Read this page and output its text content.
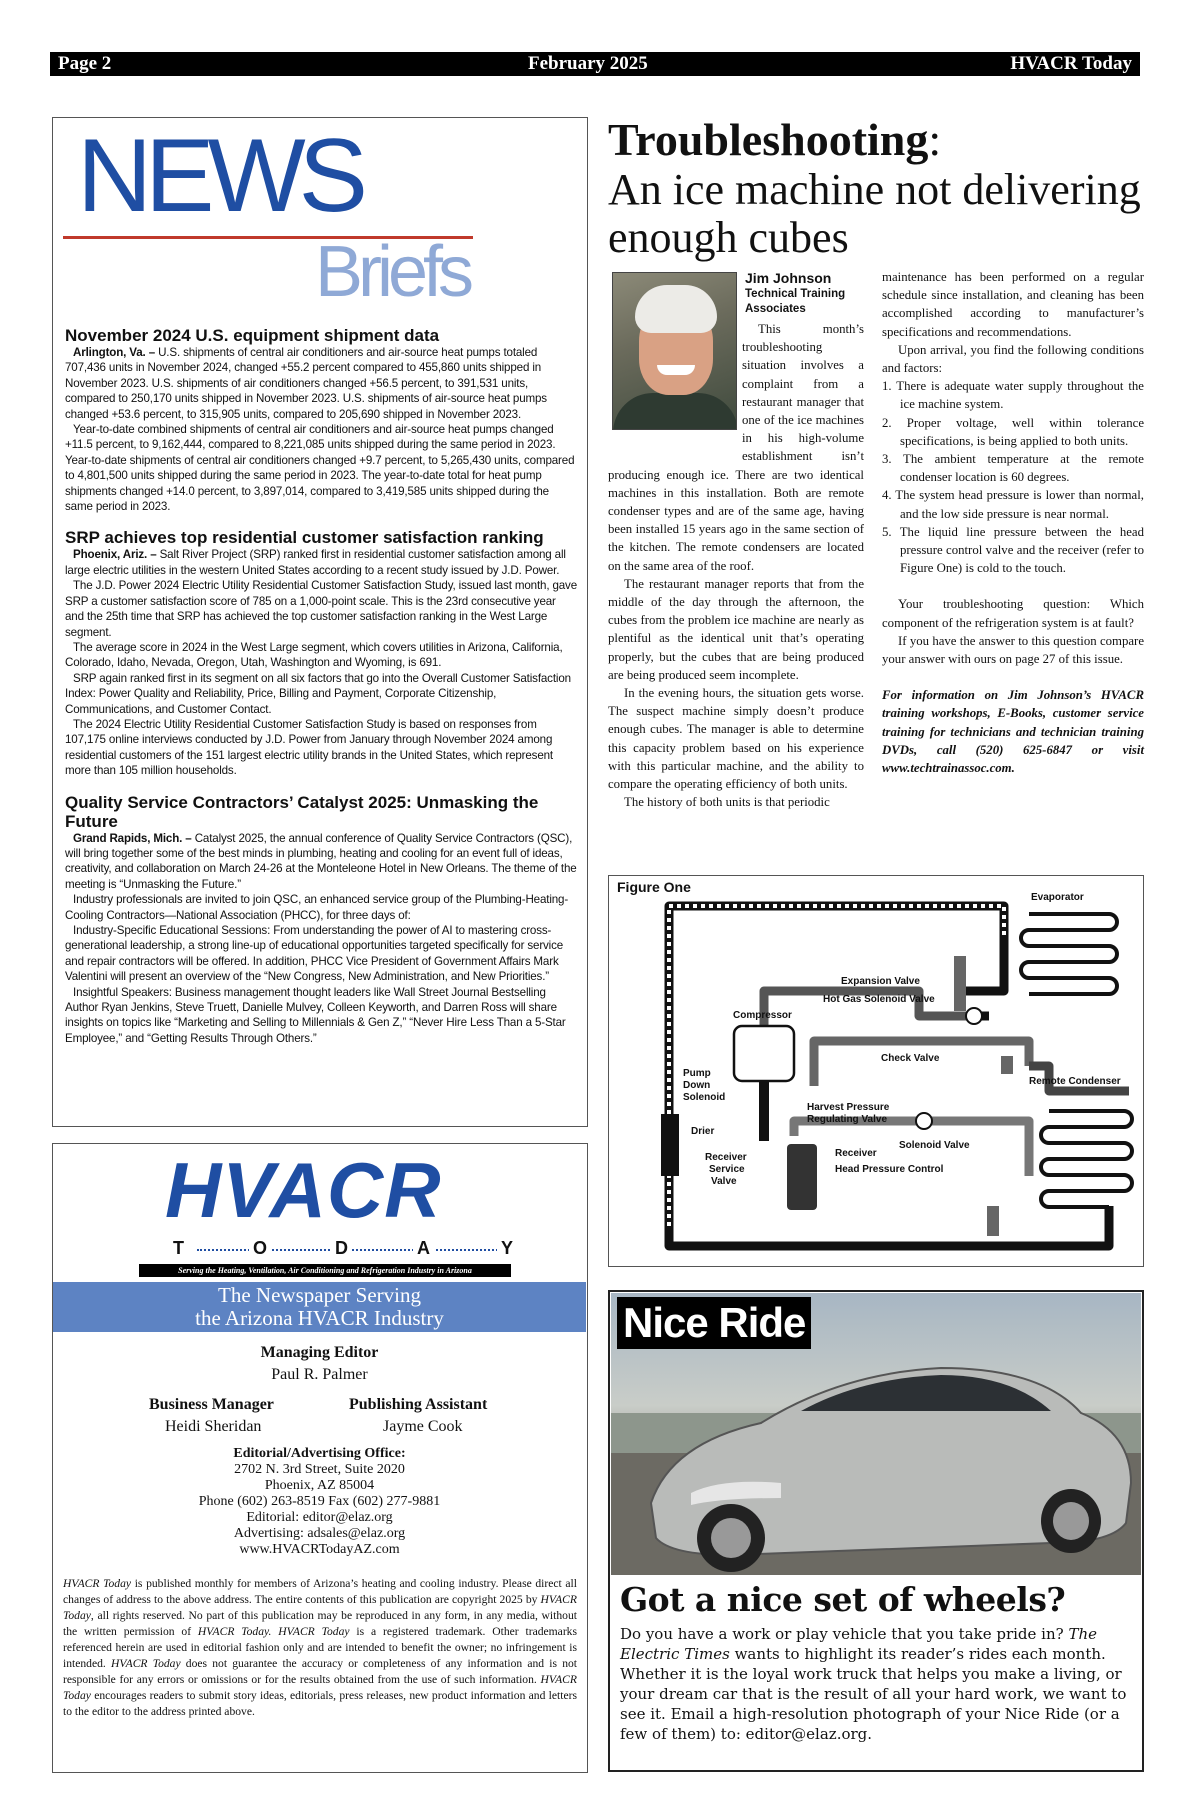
Page 2	February 2025	HVACR Today
NEWS
Briefs
November 2024 U.S. equipment shipment data

Arlington, Va. – U.S. shipments of central air conditioners and air-source heat pumps totaled 707,436 units in November 2024, changed +55.2 percent compared to 455,860 units shipped in November 2023. U.S. shipments of air conditioners changed +56.5 percent, to 391,531 units, compared to 250,170 units shipped in November 2023. U.S. shipments of air-source heat pumps changed +53.6 percent, to 315,905 units, compared to 205,690 shipped in November 2023.

Year-to-date combined shipments of central air conditioners and air-source heat pumps changed +11.5 percent, to 9,162,444, compared to 8,221,085 units shipped during the same period in 2023. Year-to-date shipments of central air conditioners changed +9.7 percent, to 5,265,430 units, compared to 4,801,500 units shipped during the same period in 2023. The year-to-date total for heat pump shipments changed +14.0 percent, to 3,897,014, compared to 3,419,585 units shipped during the same period in 2023.

SRP achieves top residential customer satisfaction ranking

Phoenix, Ariz. – Salt River Project (SRP) ranked first in residential customer satisfaction among all large electric utilities in the western United States according to a recent study issued by J.D. Power.

The J.D. Power 2024 Electric Utility Residential Customer Satisfaction Study, issued last month, gave SRP a customer satisfaction score of 785 on a 1,000-point scale. This is the 23rd consecutive year and the 25th time that SRP has achieved the top customer satisfaction ranking in the West Large segment.

The average score in 2024 in the West Large segment, which covers utilities in Arizona, California, Colorado, Idaho, Nevada, Oregon, Utah, Washington and Wyoming, is 691.

SRP again ranked first in its segment on all six factors that go into the Overall Customer Satisfaction Index: Power Quality and Reliability, Price, Billing and Payment, Corporate Citizenship, Communications, and Customer Contact.

The 2024 Electric Utility Residential Customer Satisfaction Study is based on responses from 107,175 online interviews conducted by J.D. Power from January through November 2024 among residential customers of the 151 largest electric utility brands in the United States, which represent more than 105 million households.

Quality Service Contractors’ Catalyst 2025: Unmasking the Future

Grand Rapids, Mich. – Catalyst 2025, the annual conference of Quality Service Contractors (QSC), will bring together some of the best minds in plumbing, heating and cooling for an event full of ideas, creativity, and collaboration on March 24-26 at the Monteleone Hotel in New Orleans. The theme of the meeting is “Unmasking the Future.”

Industry professionals are invited to join QSC, an enhanced service group of the Plumbing-Heating-Cooling Contractors—National Association (PHCC), for three days of:

Industry-Specific Educational Sessions: From understanding the power of AI to mastering cross-generational leadership, a strong line-up of educational opportunities targeted specifically for service and repair contractors will be offered. In addition, PHCC Vice President of Government Affairs Mark Valentini will present an overview of the “New Congress, New Administration, and New Priorities.”

Insightful Speakers: Business management thought leaders like Wall Street Journal Bestselling Author Ryan Jenkins, Steve Truett, Danielle Mulvey, Colleen Keyworth, and Darren Ross will share insights on topics like “Marketing and Selling to Millennials & Gen Z,” “Never Hire Less Than a 5-Star Employee,” and “Getting Results Through Others.”

HVACR
T	O	D	A	Y
Serving the Heating, Ventilation, Air Conditioning and Refrigeration Industry in Arizona
The Newspaper Serving
the Arizona HVACR Industry
Managing Editor
Paul R. Palmer
Business Manager
Heidi Sheridan
Publishing Assistant
Jayme Cook
Editorial/Advertising Office:
2702 N. 3rd Street, Suite 2020
Phoenix, AZ 85004
Phone (602) 263-8519 Fax (602) 277-9881
Editorial: editor@elaz.org
Advertising: adsales@elaz.org
www.HVACRTodayAZ.com
HVACR Today is published monthly for members of Arizona’s heating and cooling industry. Please direct all changes of address to the above address. The entire contents of this publication are copyright 2025 by HVACR Today, all rights reserved. No part of this publication may be reproduced in any form, in any media, without the written permission of HVACR Today. HVACR Today is a registered trademark. Other trademarks referenced herein are used in editorial fashion only and are intended to benefit the owner; no infringement is intended. HVACR Today does not guarantee the accuracy or completeness of any information and is not responsible for any errors or omissions or for the results obtained from the use of such information. HVACR Today encourages readers to submit story ideas, editorials, press releases, new product information and letters to the editor to the address printed above.
Troubleshooting:
An ice machine not delivering enough cubes
Jim Johnson
Technical Training
Associates

This month’s troubleshooting situation involves a complaint from a restaurant manager that one of the ice machines in his high-volume establishment isn’t producing enough ice. There are two identical machines in this installation. Both are remote condenser types and are of the same age, having been installed 15 years ago in the same section of the kitchen. The remote condensers are located on the same area of the roof.

The restaurant manager reports that from the middle of the day through the afternoon, the cubes from the problem ice machine are nearly as plentiful as the identical unit that’s operating properly, but the cubes that are being produced are being produced seem incomplete.

In the evening hours, the situation gets worse. The suspect machine simply doesn’t produce enough cubes. The manager is able to determine this capacity problem based on his experience with this particular machine, and the ability to compare the operating efficiency of both units.

The history of both units is that periodic

maintenance has been performed on a regular schedule since installation, and cleaning has been accomplished according to manufacturer’s specifications and recommendations.

Upon arrival, you find the following conditions and factors:

1. There is adequate water supply throughout the ice machine system.
2. Proper voltage, well within tolerance specifications, is being applied to both units.
3. The ambient temperature at the remote condenser location is 60 degrees.
4. The system head pressure is lower than normal, and the low side pressure is near normal.
5. The liquid line pressure between the head pressure control valve and the receiver (refer to Figure One) is cold to the touch.

Your troubleshooting question: Which component of the refrigeration system is at fault?

If you have the answer to this question compare your answer with ours on page 27 of this issue.

For information on Jim Johnson’s HVACR training workshops, E-Books, customer service training for technicians and technician training DVDs, call (520) 625-6847 or visit www.techtrainassoc.com.

Figure One
Evaporator
Expansion Valve
Hot Gas Solenoid Valve
Compressor
Check Valve
Pump
Down
Solenoid
Remote Condenser
Harvest Pressure
Regulating Valve
Drier
Solenoid Valve
Receiver
Service
Valve
Receiver
Head Pressure Control
Nice Ride
Got a nice set of wheels?
Do you have a work or play vehicle that you take pride in? The Electric Times wants to highlight its reader’s rides each month. Whether it is the loyal work truck that helps you make a living, or your dream car that is the result of all your hard work, we want to see it. Email a high-resolution photograph of your Nice Ride (or a few of them) to: editor@elaz.org.
